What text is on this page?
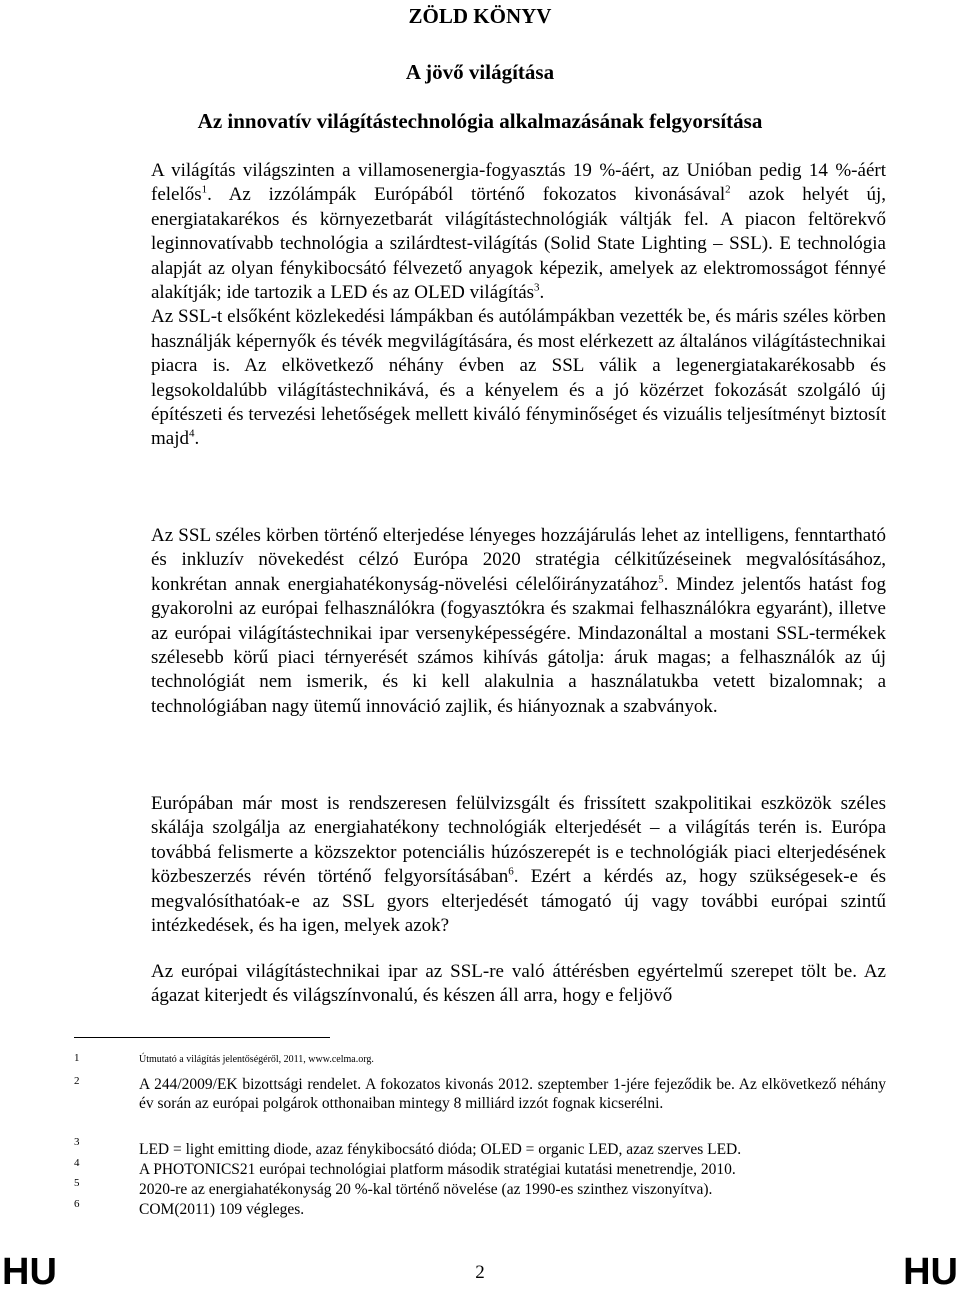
ZÖLD KÖNYV
A jövő világítása
Az innovatív világítástechnológia alkalmazásának felgyorsítása
A világítás világszinten a villamosenergia-fogyasztás 19 %-áért, az Unióban pedig 14 %-áért felelős$^1$. Az izzólámpák Európából történő fokozatos kivonásával$^2$ azok helyét új, energiatakarékos és környezetbarát világítástechnológiák váltják fel. A piacon feltörekvő leginnovatívabb technológia a szilárdtest-világítás (Solid State Lighting – SSL). E technológia alapját az olyan fénykibocsátó félvezető anyagok képezik, amelyek az elektromosságot fénnyé alakítják; ide tartozik a LED és az OLED világítás$^3$.
Az SSL-t elsőként közlekedési lámpákban és autólámpákban vezették be, és máris széles körben használják képernyők és tévék megvilágítására, és most elérkezett az általános világítástechnikai piacra is. Az elkövetkező néhány évben az SSL válik a legenergiatakarékosabb és legsokoldalúbb világítástechnikává, és a kényelem és a jó közérzet fokozását szolgáló új építészeti és tervezési lehetőségek mellett kiváló fényminőséget és vizuális teljesítményt biztosít majd$^4$.
Az SSL széles körben történő elterjedése lényeges hozzájárulás lehet az intelligens, fenntartható és inkluzív növekedést célzó Európa 2020 stratégia célkitűzéseinek megvalósításához, konkrétan annak energiahatékonyság-növelési célelőirányzatához$^5$. Mindez jelentős hatást fog gyakorolni az európai felhasználókra (fogyasztókra és szakmai felhasználókra egyaránt), illetve az európai világítástechnikai ipar versenyképességére. Mindazonáltal a mostani SSL-termékek szélesebb körű piaci térnyerését számos kihívás gátolja: áruk magas; a felhasználók az új technológiát nem ismerik, és ki kell alakulnia a használatukba vetett bizalomnak; a technológiában nagy ütemű innováció zajlik, és hiányoznak a szabványok.
Európában már most is rendszeresen felülvizsgált és frissített szakpolitikai eszközök széles skálája szolgálja az energiahatékony technológiák elterjedését – a világítás terén is. Európa továbbá felismerte a közszektor potenciális húzószerepét is e technológiák piaci elterjedésének közbeszerzés révén történő felgyorsításában$^6$. Ezért a kérdés az, hogy szükségesek-e és megvalósíthatóak-e az SSL gyors elterjedését támogató új vagy további európai szintű intézkedések, és ha igen, melyek azok?
Az európai világítástechnikai ipar az SSL-re való áttérésben egyértelmű szerepet tölt be. Az ágazat kiterjedt és világszínvonalú, és készen áll arra, hogy e feljövő
1	Útmutató a világítás jelentőségéről, 2011, www.celma.org.
2	A 244/2009/EK bizottsági rendelet. A fokozatos kivonás 2012. szeptember 1-jére fejeződik be. Az elkövetkező néhány év során az európai polgárok otthonaiban mintegy 8 milliárd izzót fognak kicserélni.
3	LED = light emitting diode, azaz fénykibocsátó dióda; OLED = organic LED, azaz szerves LED.
4	A PHOTONICS21 európai technológiai platform második stratégiai kutatási menetrendje, 2010.
5	2020-re az energiahatékonyság 20 %-kal történő növelése (az 1990-es szinthez viszonyítva).
6	COM(2011) 109 végleges.
HU	2	HU
